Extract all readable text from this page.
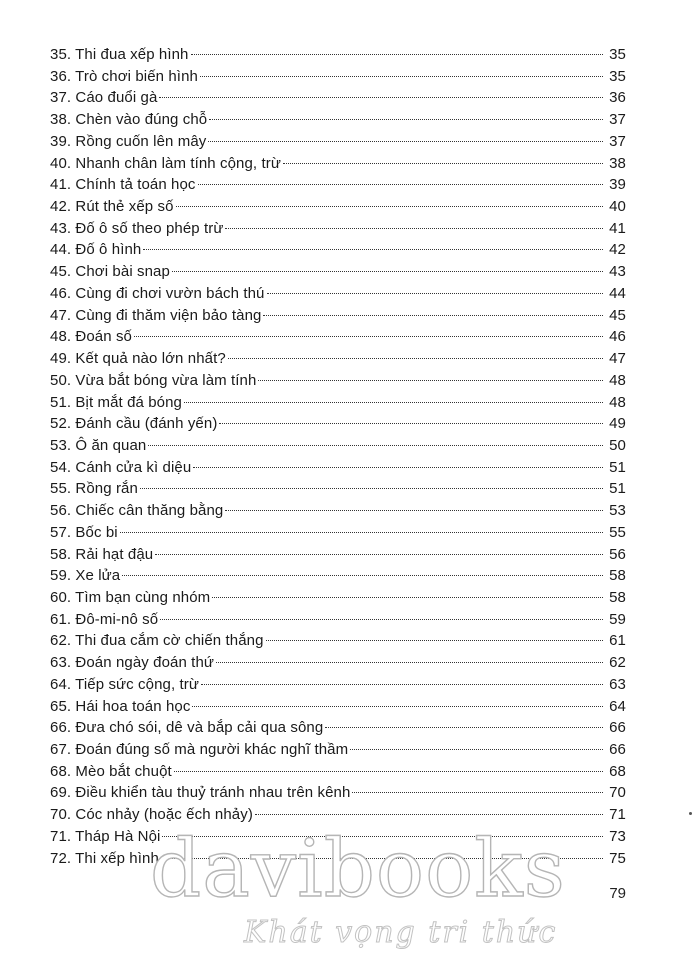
35. Thi đua xếp hình	35
36. Trò chơi biến hình	35
37. Cáo đuổi gà	36
38. Chèn vào đúng chỗ	37
39. Rồng cuốn lên mây	37
40. Nhanh chân làm tính cộng, trừ	38
41. Chính tả toán học	39
42. Rút thẻ xếp số	40
43. Đố ô số theo phép trừ	41
44. Đố ô hình	42
45. Chơi bài snap	43
46. Cùng đi chơi vườn bách thú	44
47. Cùng đi thăm viện bảo tàng	45
48. Đoán số	46
49. Kết quả nào lớn nhất?	47
50. Vừa bắt bóng vừa làm tính	48
51. Bịt mắt đá bóng	48
52. Đánh cầu (đánh yến)	49
53. Ô ăn quan	50
54. Cánh cửa kì diệu	51
55. Rồng rắn	51
56. Chiếc cân thăng bằng	53
57. Bốc bi	55
58. Rải hạt đậu	56
59. Xe lửa	58
60. Tìm bạn cùng nhóm	58
61. Đô-mi-nô số	59
62. Thi đua cắm cờ chiến thắng	61
63. Đoán ngày đoán thứ	62
64. Tiếp sức cộng, trừ	63
65. Hái hoa toán học	64
66. Đưa chó sói, dê và bắp cải qua sông	66
67. Đoán đúng số mà người khác nghĩ thầm	66
68. Mèo bắt chuột	68
69. Điều khiển tàu thuỷ tránh nhau trên kênh	70
70. Cóc nhảy (hoặc ếch nhảy)	71
71. Tháp Hà Nội	73
72. Thi xếp hình	75
davibooks
Khát vọng tri thức
79
